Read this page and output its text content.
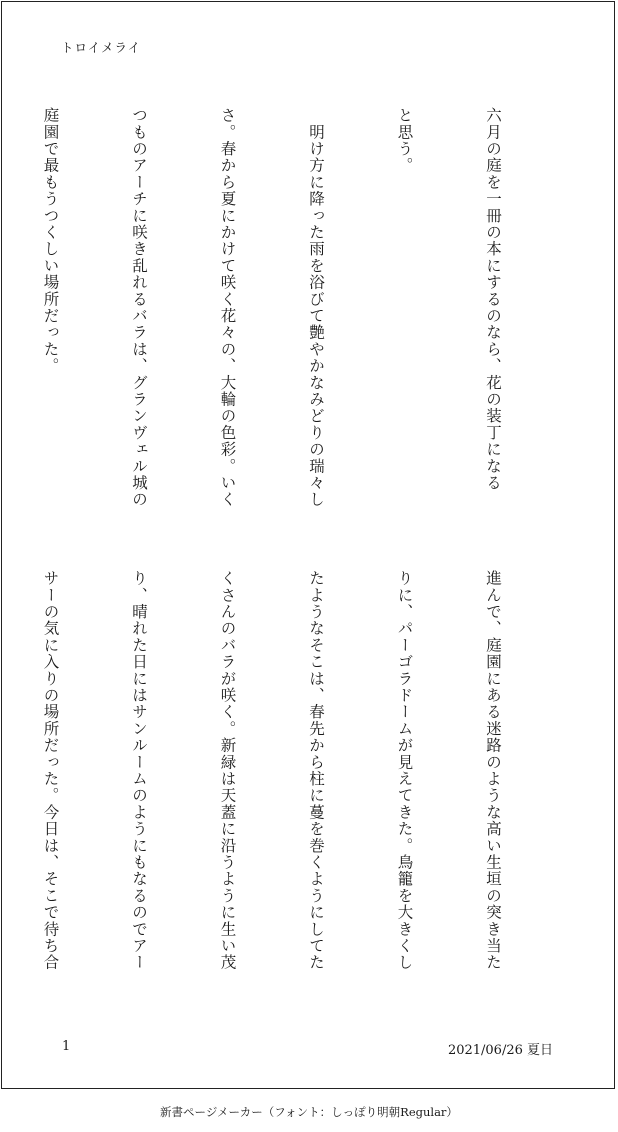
トロイメライ

六月の庭を一冊の本にするのなら、花の装丁になる

と思う。

　明け方に降った雨を浴びて艶やかなみどりの瑞々し

さ。春から夏にかけて咲く花々の、大輪の色彩。いく

つものアーチに咲き乱れるバラは、グランヴェル城の

庭園で最もうつくしい場所だった。

進んで、庭園にある迷路のような高い生垣の突き当た

りに、パーゴラドームが見えてきた。鳥籠を大きくし

たようなそこは、春先から柱に蔓を巻くようにしてた

くさんのバラが咲く。新緑は天蓋に沿うように生い茂

り、晴れた日にはサンルームのようにもなるのでアー

サーの気に入りの場所だった。今日は、そこで待ち合

1	2021/06/26 夏日
新書ページメーカー（フォント：しっぽり明朝Regular）
